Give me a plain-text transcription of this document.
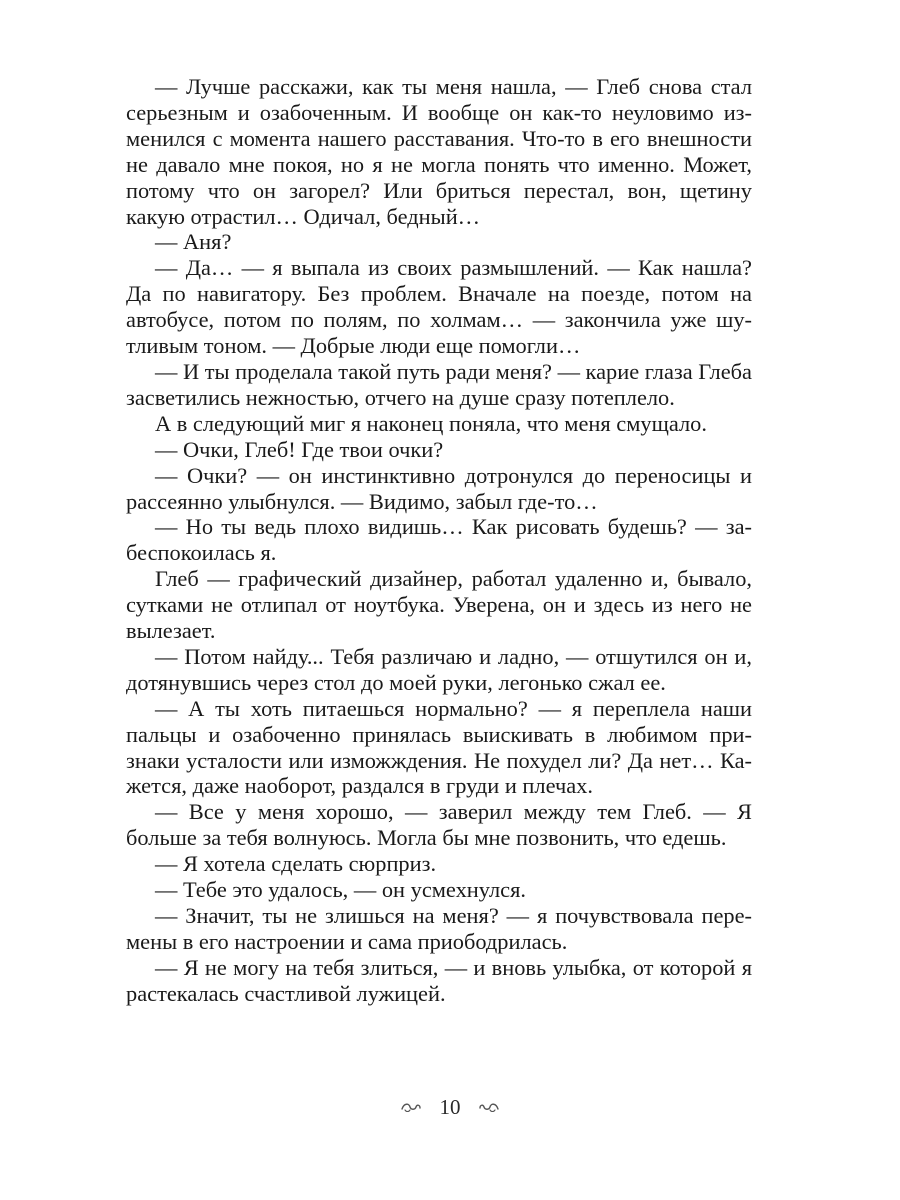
— Лучше расскажи, как ты меня нашла, — Глеб снова стал серьезным и озабоченным. И вообще он как-то неуловимо изменился с момента нашего расставания. Что-то в его внешности не давало мне покоя, но я не могла понять что именно. Может, потому что он загорел? Или бриться перестал, вон, щетину какую отрастил… Одичал, бедный…

— Аня?

— Да… — я выпала из своих размышлений. — Как нашла? Да по навигатору. Без проблем. Вначале на поезде, потом на автобусе, потом по полям, по холмам… — закончила уже шутливым тоном. — Добрые люди еще помогли…

— И ты проделала такой путь ради меня? — карие глаза Глеба засветились нежностью, отчего на душе сразу потеплело.

А в следующий миг я наконец поняла, что меня смущало.

— Очки, Глеб! Где твои очки?

— Очки? — он инстинктивно дотронулся до переносицы и рассеянно улыбнулся. — Видимо, забыл где-то…

— Но ты ведь плохо видишь… Как рисовать будешь? — забеспокоилась я.

Глеб — графический дизайнер, работал удаленно и, бывало, сутками не отлипал от ноутбука. Уверена, он и здесь из него не вылезает.

— Потом найду... Тебя различаю и ладно, — отшутился он и, дотянувшись через стол до моей руки, легонько сжал ее.

— А ты хоть питаешься нормально? — я переплела наши пальцы и озабоченно принялась выискивать в любимом признаки усталости или изможждения. Не похудел ли? Да нет… Кажется, даже наоборот, раздался в груди и плечах.

— Все у меня хорошо, — заверил между тем Глеб. — Я больше за тебя волнуюсь. Могла бы мне позвонить, что едешь.

— Я хотела сделать сюрприз.

— Тебе это удалось, — он усмехнулся.

— Значит, ты не злишься на меня? — я почувствовала перемены в его настроении и сама приободрилась.

— Я не могу на тебя злиться, — и вновь улыбка, от которой я растекалась счастливой лужицей.

10
